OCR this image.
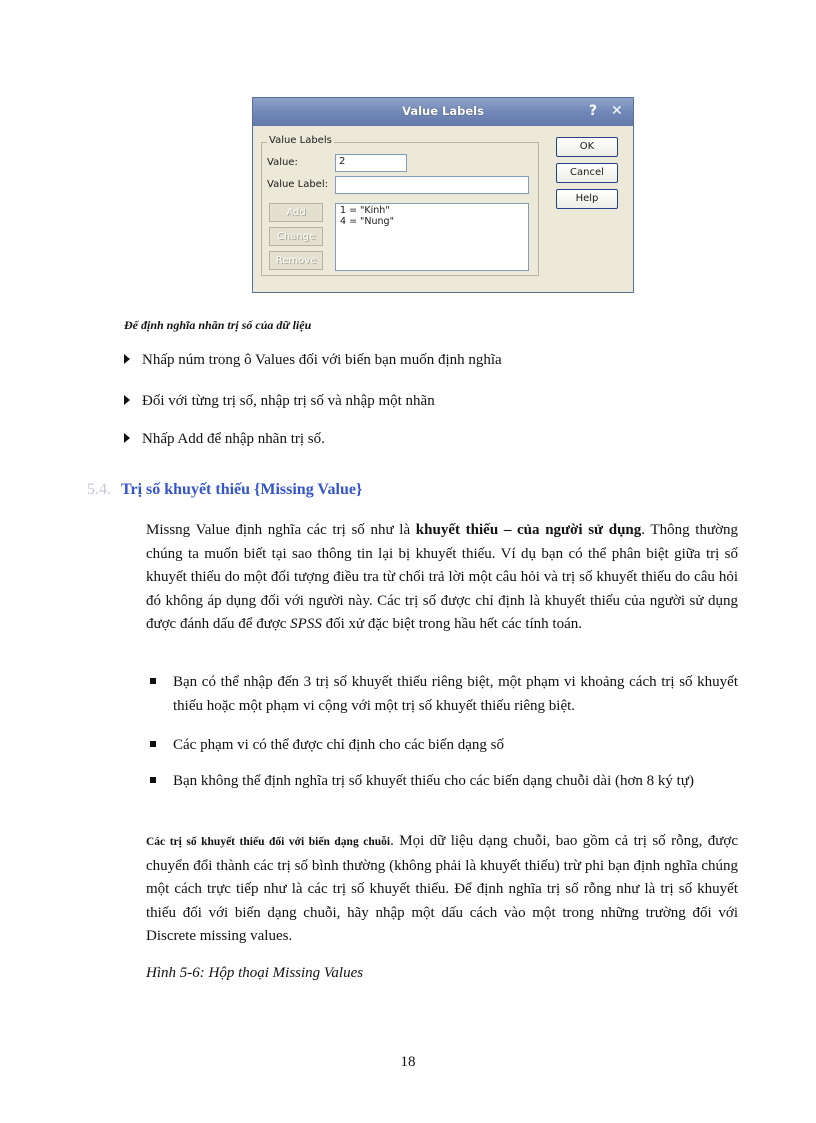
Value Labels	? ✕
Value Labels
Value:	2
Value Label:
Add
Change
Remove
1 = "Kinh"
4 = "Nung"
OK
Cancel
Help
Để định nghĩa nhãn trị số của dữ liệu
Nhấp núm trong ô Values đối với biến bạn muốn định nghĩa
Đối với từng trị số, nhập trị số và nhập một nhãn
Nhấp Add để nhập nhãn trị số.
5.4. Trị số khuyết thiếu {Missing Value}
Missng Value định nghĩa các trị số như là khuyết thiếu – của người sử dụng. Thông thường chúng ta muốn biết tại sao thông tin lại bị khuyết thiếu. Ví dụ bạn có thể phân biệt giữa trị số khuyết thiếu do một đối tượng điều tra từ chối trả lời một câu hỏi và trị số khuyết thiếu do câu hỏi đó không áp dụng đối với người này. Các trị số được chỉ định là khuyết thiếu của người sử dụng được đánh dấu để được SPSS đối xử đặc biệt trong hầu hết các tính toán.
Bạn có thể nhập đến 3 trị số khuyết thiếu riêng biệt, một phạm vi khoảng cách trị số khuyết thiếu hoặc một phạm vi cộng với một trị số khuyết thiếu riêng biệt.
Các phạm vi có thể được chỉ định cho các biến dạng số
Bạn không thể định nghĩa trị số khuyết thiếu cho các biến dạng chuỗi dài (hơn 8 ký tự)
Các trị số khuyết thiếu đối với biến dạng chuỗi. Mọi dữ liệu dạng chuỗi, bao gồm cả trị số rỗng, được chuyển đổi thành các trị số bình thường (không phải là khuyết thiếu) trừ phi bạn định nghĩa chúng một cách trực tiếp như là các trị số khuyết thiếu. Để định nghĩa trị số rỗng như là trị số khuyết thiếu đối với biến dạng chuỗi, hãy nhập một dấu cách vào một trong những trường đối với Discrete missing values.
Hình 5-6: Hộp thoại Missing Values
18
